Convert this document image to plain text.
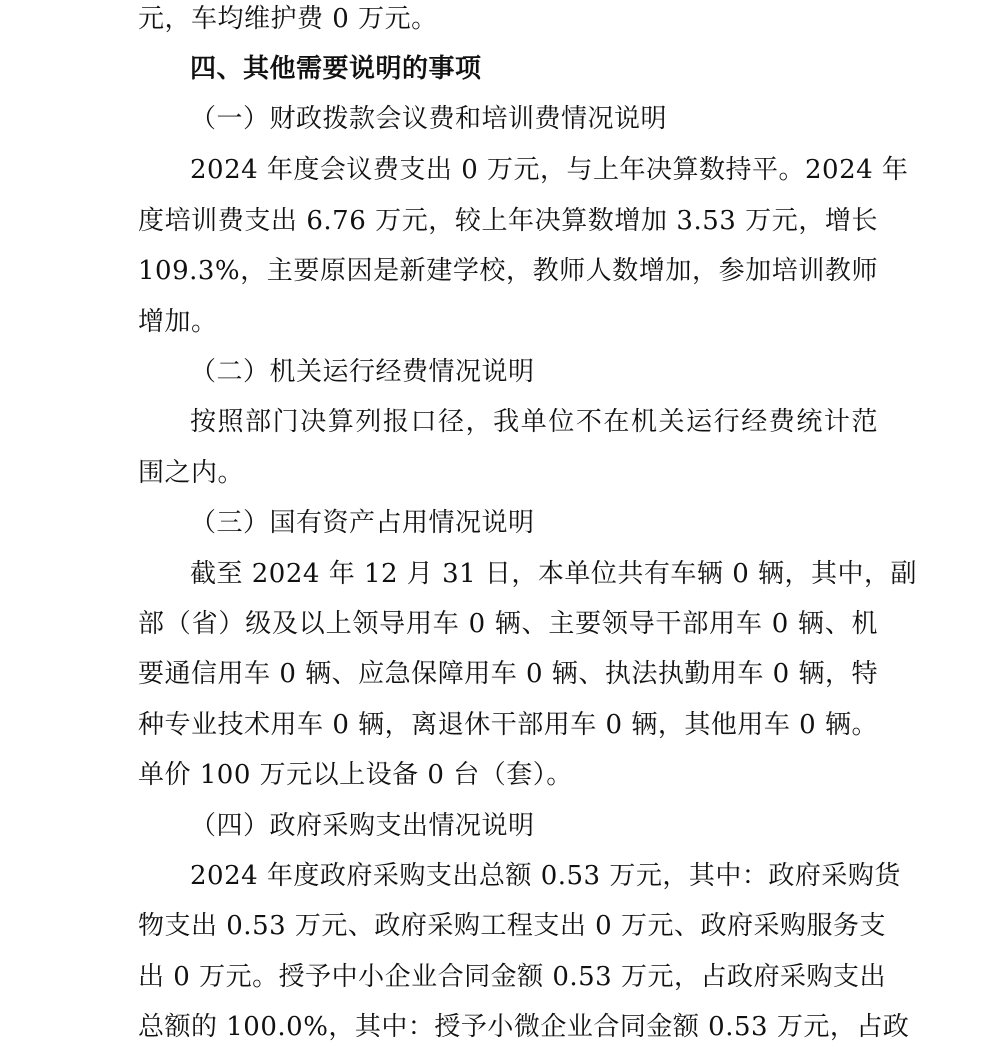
元，车均维护费 0 万元。
四、其他需要说明的事项
（一）财政拨款会议费和培训费情况说明
2024 年度会议费支出 0 万元，与上年决算数持平。2024 年
度培训费支出 6.76 万元，较上年决算数增加 3.53 万元，增长
109.3%，主要原因是新建学校，教师人数增加，参加培训教师
增加。
（二）机关运行经费情况说明
按照部门决算列报口径，我单位不在机关运行经费统计范
围之内。
（三）国有资产占用情况说明
截至 2024 年 12 月 31 日，本单位共有车辆 0 辆，其中，副
部（省）级及以上领导用车 0 辆、主要领导干部用车 0 辆、机
要通信用车 0 辆、应急保障用车 0 辆、执法执勤用车 0 辆，特
种专业技术用车 0 辆，离退休干部用车 0 辆，其他用车 0 辆。
单价 100 万元以上设备 0 台（套）。
（四）政府采购支出情况说明
2024 年度政府采购支出总额 0.53 万元，其中：政府采购货
物支出 0.53 万元、政府采购工程支出 0 万元、政府采购服务支
出 0 万元。授予中小企业合同金额 0.53 万元，占政府采购支出
总额的 100.0%，其中：授予小微企业合同金额 0.53 万元，占政
